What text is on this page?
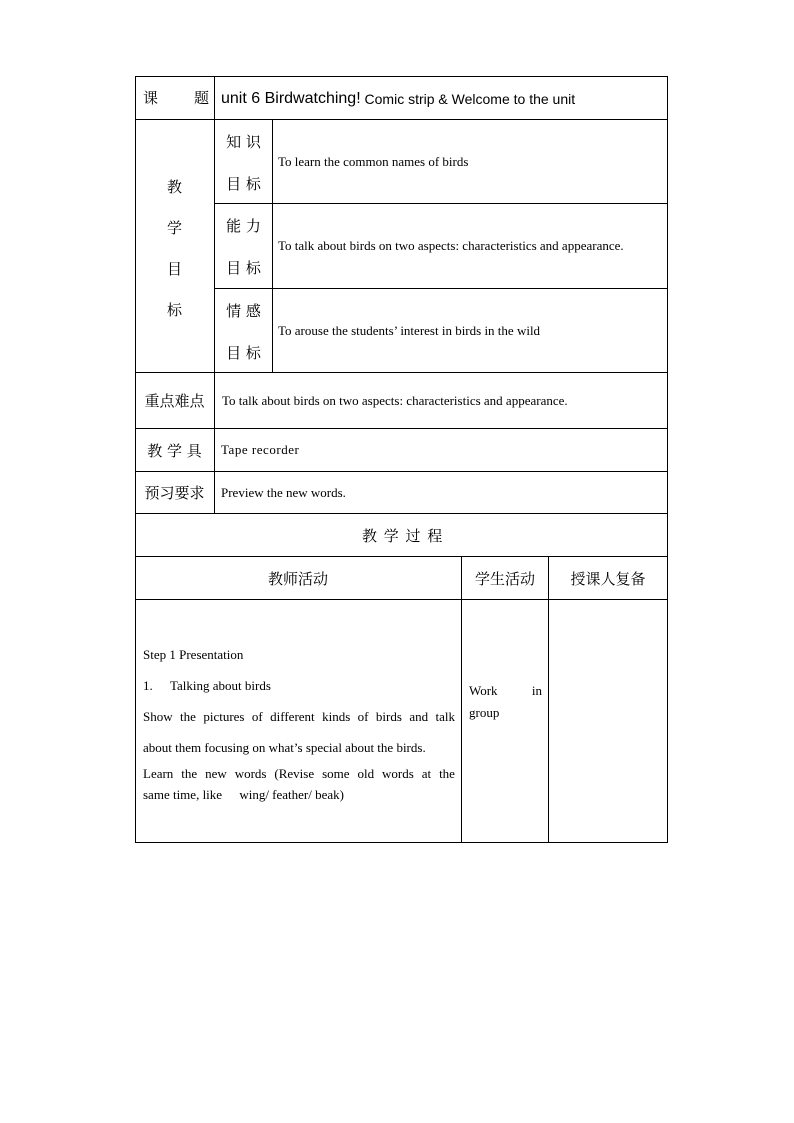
课 题 unit 6 Birdwatching! Comic strip & Welcome to the unit
教
学
目
标
知 识
目 标
To learn the common names of birds
能 力
目 标
To talk about birds on two aspects: characteristics and appearance.
情 感
目 标
To arouse the students’ interest in birds in the wild
重点难点 To talk about birds on two aspects: characteristics and appearance.
教 学 具 Tape recorder
预习要求 Preview the new words.
教学过程
教师活动	学生活动 授课人复备
Step 1 Presentation
1. Talking about birds
Show the pictures of different kinds of birds and talk
about them focusing on what’s special about the birds.
Learn the new words (Revise some old words at the
same time, like wing/ feather/ beak)
Work	in
group
